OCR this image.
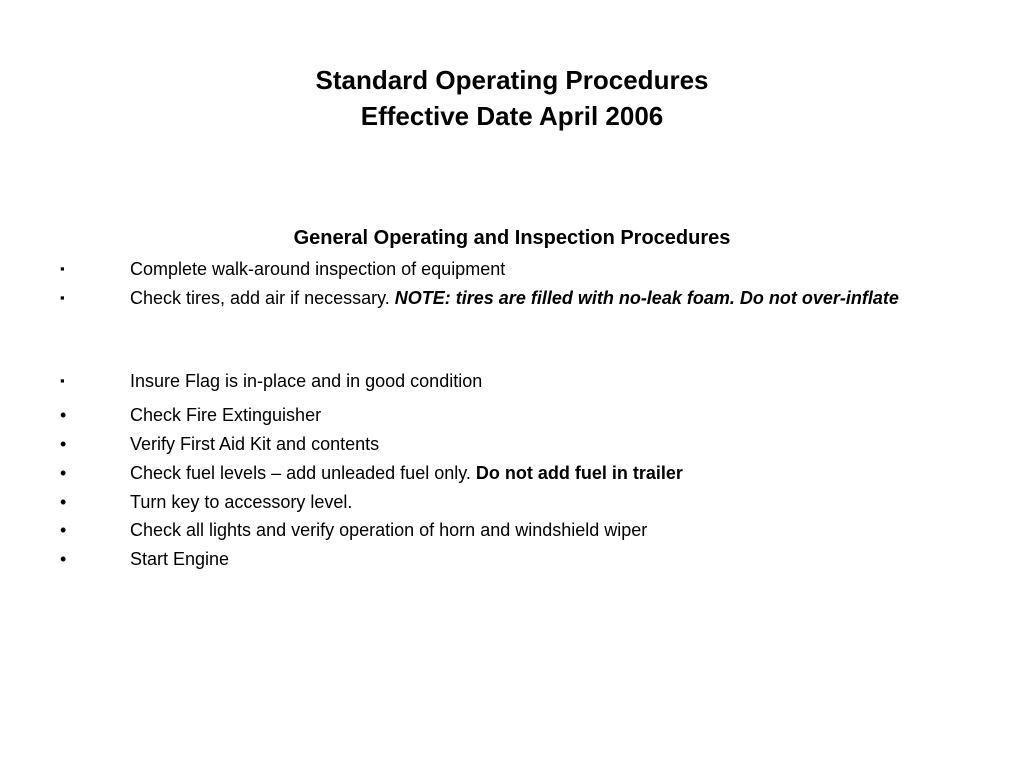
Standard Operating Procedures
Effective Date April 2006
General Operating and Inspection Procedures
▪	Complete walk-around inspection of equipment
▪	Check tires, add air if necessary. NOTE: tires are filled with no-leak foam. Do not over-inflate
▪	Insure Flag is in-place and in good condition
•	Check Fire Extinguisher
•	Verify First Aid Kit and contents
•	Check fuel levels – add unleaded fuel only. Do not add fuel in trailer
•	Turn key to accessory level.
•	Check all lights and verify operation of horn and windshield wiper
•	Start Engine
